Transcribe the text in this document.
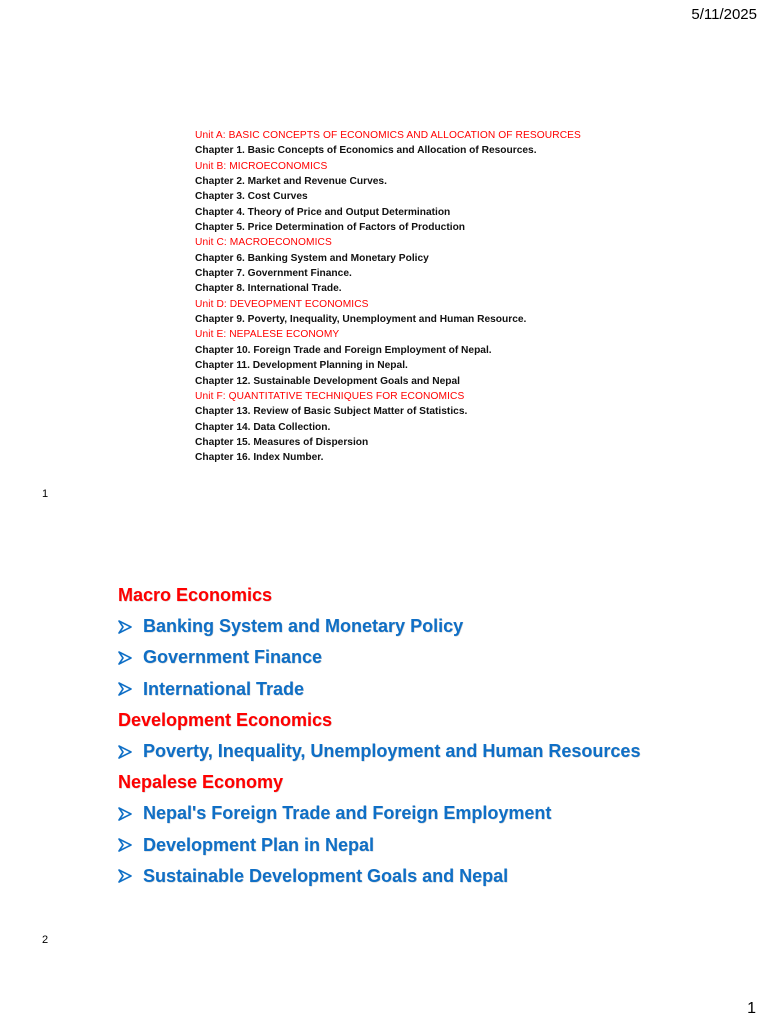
5/11/2025
Unit A: BASIC CONCEPTS OF ECONOMICS AND ALLOCATION OF RESOURCES
Chapter 1. Basic Concepts of Economics and Allocation of Resources.
Unit B: MICROECONOMICS
Chapter 2. Market and Revenue Curves.
Chapter 3. Cost Curves
Chapter 4. Theory of Price and Output Determination
Chapter 5. Price Determination of Factors of Production
Unit C: MACROECONOMICS
Chapter 6. Banking System and Monetary Policy
Chapter 7. Government Finance.
Chapter 8. International Trade.
Unit D: DEVEOPMENT ECONOMICS
Chapter 9. Poverty, Inequality, Unemployment and Human Resource.
Unit E: NEPALESE ECONOMY
Chapter 10. Foreign Trade and Foreign Employment of Nepal.
Chapter 11. Development Planning in Nepal.
Chapter 12. Sustainable Development Goals and Nepal
Unit F: QUANTITATIVE TECHNIQUES FOR ECONOMICS
Chapter 13. Review of Basic Subject Matter of Statistics.
Chapter 14. Data Collection.
Chapter 15. Measures of Dispersion
Chapter 16. Index Number.
1
Macro Economics
Banking System and Monetary Policy
Government Finance
International Trade
Development Economics
Poverty, Inequality, Unemployment and Human Resources
Nepalese Economy
Nepal's Foreign Trade and Foreign Employment
Development Plan in Nepal
Sustainable Development Goals and Nepal
2
1
